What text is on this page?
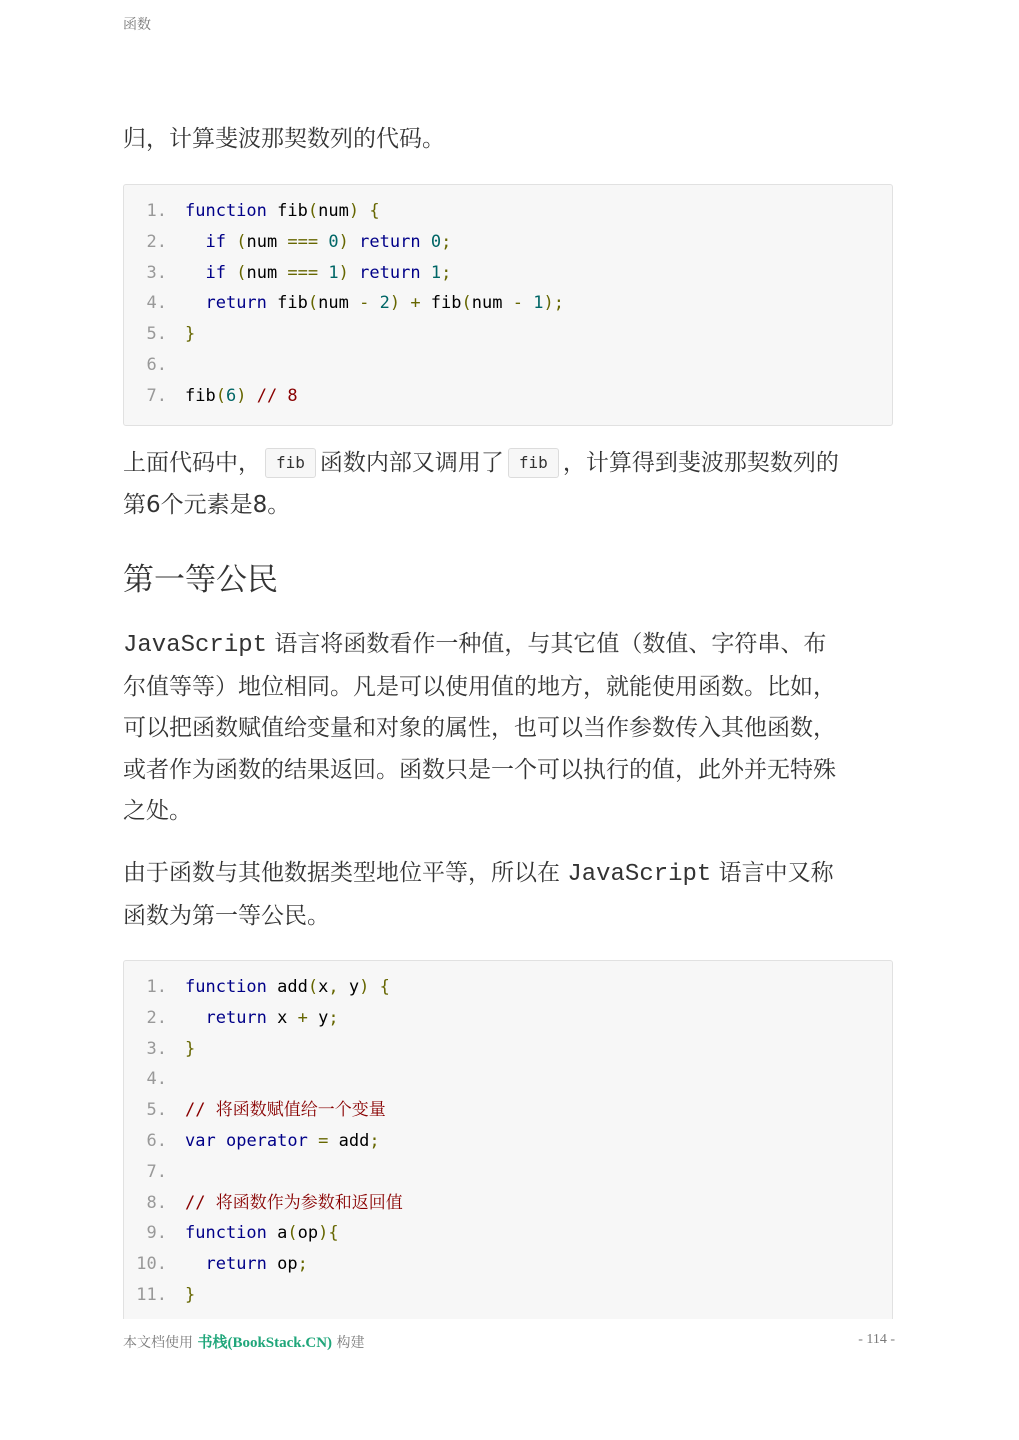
函数
归，计算斐波那契数列的代码。
1. function fib(num) {
2.	if (num === 0) return 0;
3.	if (num === 1) return 1;
4.	return fib(num - 2) + fib(num - 1);
5. }
6.
7. fib(6) // 8
上面代码中， fib 函数内部又调用了 fib ，计算得到斐波那契数列的
第6个元素是8。
第一等公民
JavaScript 语言将函数看作一种值，与其它值（数值、字符串、布
尔值等等）地位相同。凡是可以使用值的地方，就能使用函数。比如，
可以把函数赋值给变量和对象的属性，也可以当作参数传入其他函数，
或者作为函数的结果返回。函数只是一个可以执行的值，此外并无特殊
之处。
由于函数与其他数据类型地位平等，所以在 JavaScript 语言中又称
函数为第一等公民。
1. function add(x, y) {
2.	return x + y;
3. }
4.
5. // 将函数赋值给一个变量
6. var operator = add;
7.
8. // 将函数作为参数和返回值
9. function a(op){
10.	return op;
11. }
本文档使用 书栈(BookStack.CN) 构建	- 114 -
